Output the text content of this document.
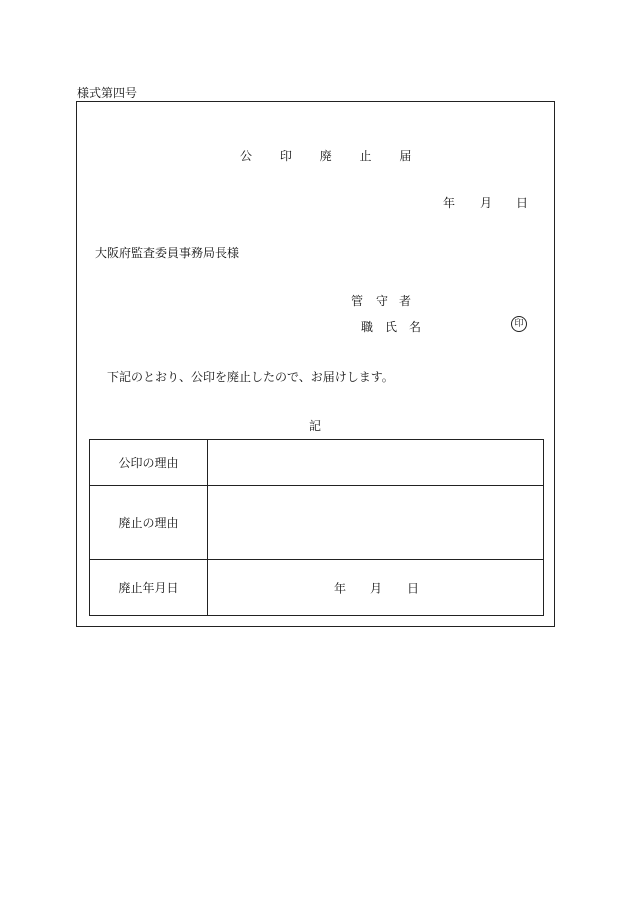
様式第四号
公 印 廃 止 届
年 月 日
大阪府監査委員事務局長様
管 守 者
職 氏 名	印
下記のとおり、公印を廃止したので、お届けします。
記
公印の理由	
廃止の理由	
廃止年月日	年 月 日
